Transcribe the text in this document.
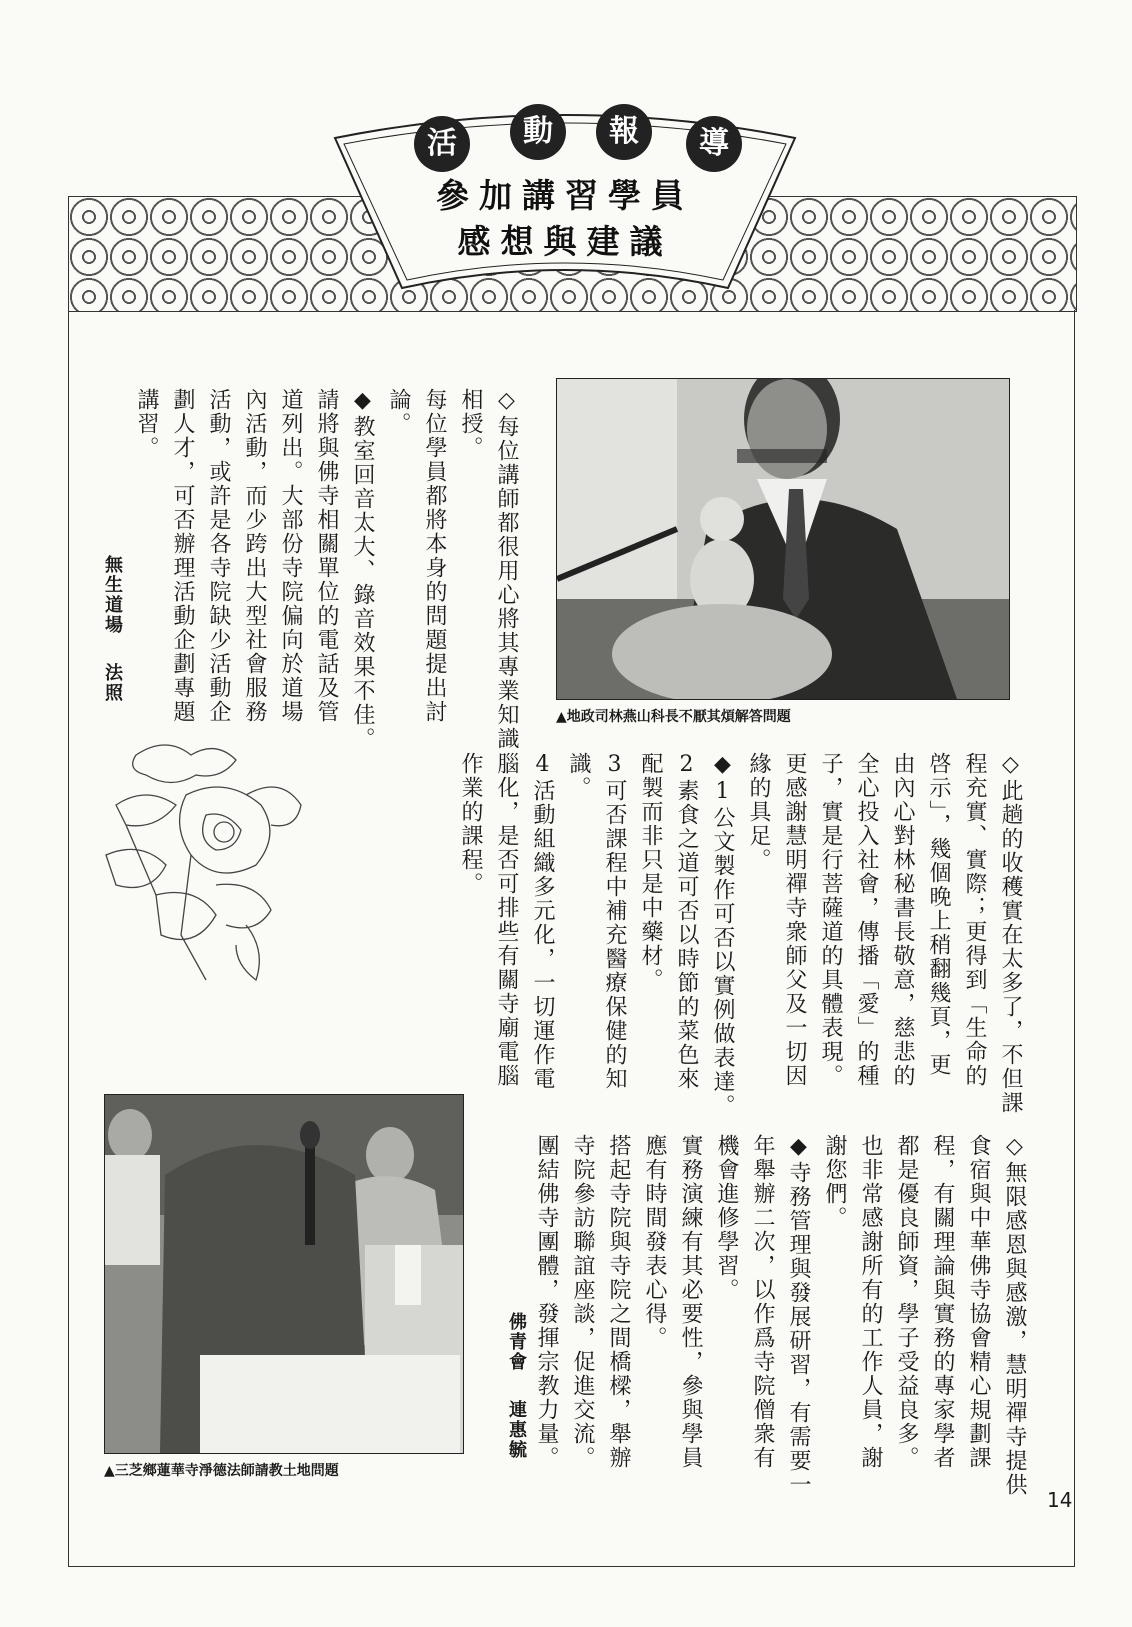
活	動	報	導
參加講習學員
感想與建議
▲地政司林燕山科長不厭其煩解答問題
▲三芝鄉蓮華寺淨德法師請教土地問題
◇每位講師都很用心將其專業知識
相授。
每位學員都將本身的問題提出討
論。
◆教室回音太大、錄音效果不佳。
請將與佛寺相關單位的電話及管
道列出。大部份寺院偏向於道場
內活動，而少跨出大型社會服務
活動，或許是各寺院缺少活動企
劃人才，可否辦理活動企劃專題
講習。
無生道場法照
◇此趟的收穫實在太多了，不但課
程充實、實際；更得到「生命的
啓示」，幾個晚上稍翻幾頁，更
由內心對林秘書長敬意，慈悲的
全心投入社會，傳播「愛」的種
子，實是行菩薩道的具體表現。
更感謝慧明禪寺衆師父及一切因
緣的具足。
◆1公文製作可否以實例做表達。
2素食之道可否以時節的菜色來
配製而非只是中藥材。
3可否課程中補充醫療保健的知
識。
4活動組織多元化，一切運作電
腦化，是否可排些有關寺廟電腦
作業的課程。
◇無限感恩與感激，慧明禪寺提供
食宿與中華佛寺協會精心規劃課
程，有關理論與實務的專家學者
都是優良師資，學子受益良多。
也非常感謝所有的工作人員，謝
謝您們。
◆寺務管理與發展研習，有需要一
年舉辦二次，以作爲寺院僧衆有
機會進修學習。
實務演練有其必要性，參與學員
應有時間發表心得。
搭起寺院與寺院之間橋樑，舉辦
寺院參訪聯誼座談，促進交流。
團結佛寺團體，發揮宗教力量。
佛青會連惠毓
14
